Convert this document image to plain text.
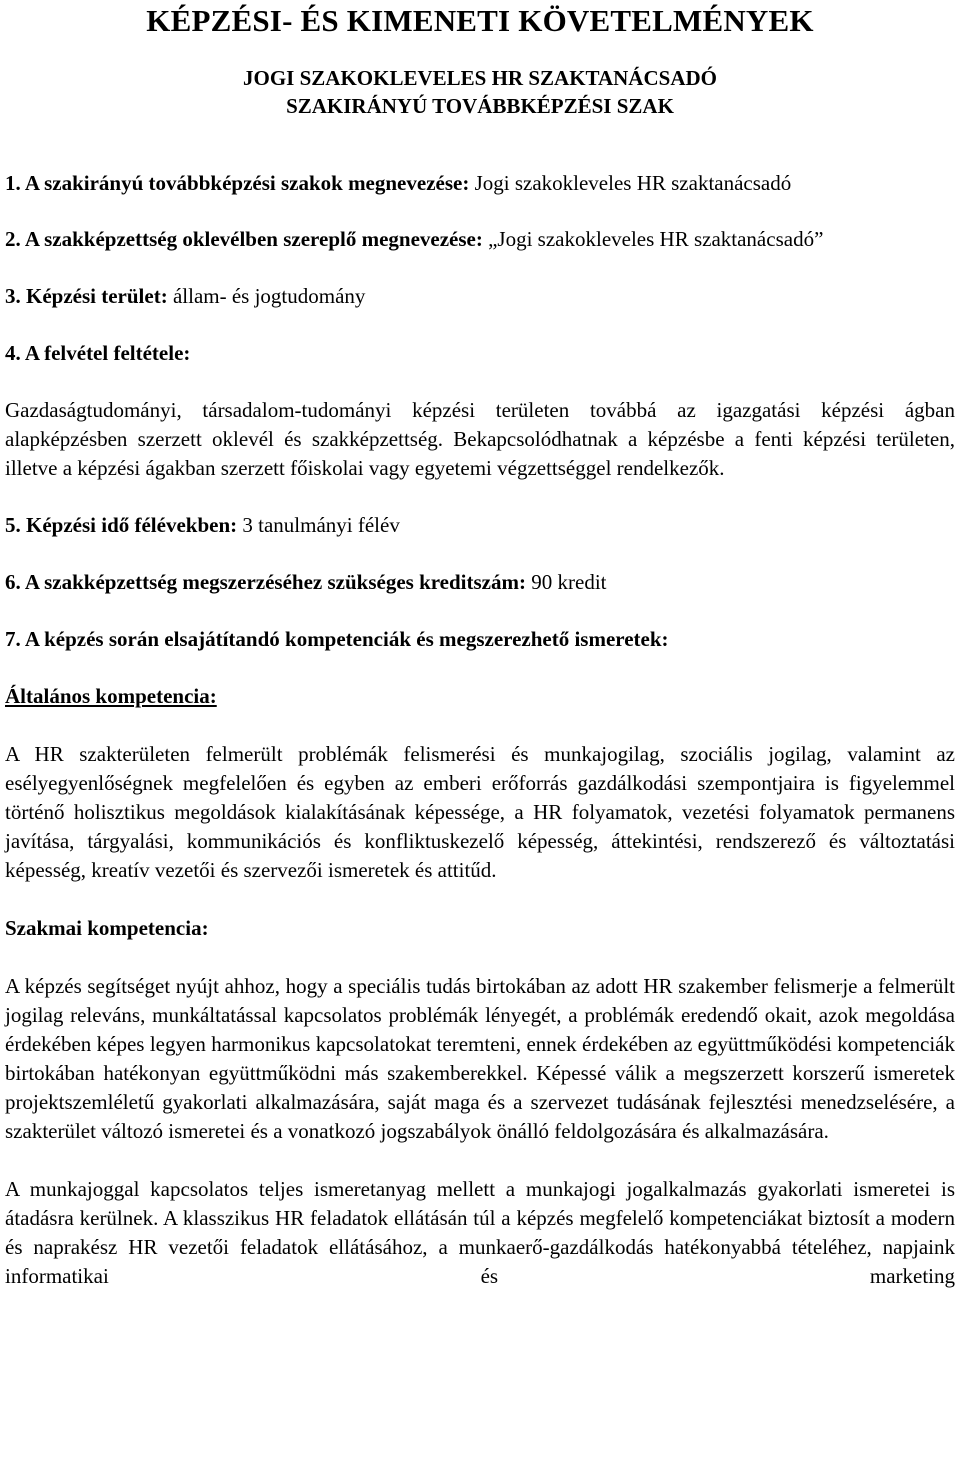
KÉPZÉSI- ÉS KIMENETI KÖVETELMÉNYEK
JOGI SZAKOKLEVELES HR SZAKTANÁCSADÓ
SZAKIRÁNYÚ TOVÁBBKÉPZÉSI SZAK

1. A szakirányú továbbképzési szakok megnevezése: Jogi szakokleveles HR szaktanácsadó

2. A szakképzettség oklevélben szereplő megnevezése: „Jogi szakokleveles HR szaktanácsadó”

3. Képzési terület: állam- és jogtudomány

4. A felvétel feltétele:

Gazdaságtudományi, társadalom-tudományi képzési területen továbbá az igazgatási képzési ágban alapképzésben szerzett oklevél és szakképzettség. Bekapcsolódhatnak a képzésbe a fenti képzési területen, illetve a képzési ágakban szerzett főiskolai vagy egyetemi végzettséggel rendelkezők.

5. Képzési idő félévekben: 3 tanulmányi félév

6. A szakképzettség megszerzéséhez szükséges kreditszám: 90 kredit

7. A képzés során elsajátítandó kompetenciák és megszerezhető ismeretek:

Általános kompetencia:

A HR szakterületen felmerült problémák felismerési és munkajogilag, szociális jogilag, valamint az esélyegyenlőségnek megfelelően és egyben az emberi erőforrás gazdálkodási szempontjaira is figyelemmel történő holisztikus megoldások kialakításának képessége, a HR folyamatok, vezetési folyamatok permanens javítása, tárgyalási, kommunikációs és konfliktuskezelő képesség, áttekintési, rendszerező és változtatási képesség, kreatív vezetői és szervezői ismeretek és attitűd.

Szakmai kompetencia:

A képzés segítséget nyújt ahhoz, hogy a speciális tudás birtokában az adott HR szakember felismerje a felmerült jogilag releváns, munkáltatással kapcsolatos problémák lényegét, a problémák eredendő okait, azok megoldása érdekében képes legyen harmonikus kapcsolatokat teremteni, ennek érdekében az együttműködési kompetenciák birtokában hatékonyan együttműködni más szakemberekkel. Képessé válik a megszerzett korszerű ismeretek projektszemléletű gyakorlati alkalmazására, saját maga és a szervezet tudásának fejlesztési menedzselésére, a szakterület változó ismeretei és a vonatkozó jogszabályok önálló feldolgozására és alkalmazására.

A munkajoggal kapcsolatos teljes ismeretanyag mellett a munkajogi jogalkalmazás gyakorlati ismeretei is átadásra kerülnek. A klasszikus HR feladatok ellátásán túl a képzés megfelelő kompetenciákat biztosít a modern és naprakész HR vezetői feladatok ellátásához, a munkaerő-gazdálkodás hatékonyabbá tételéhez, napjaink informatikai és marketing
